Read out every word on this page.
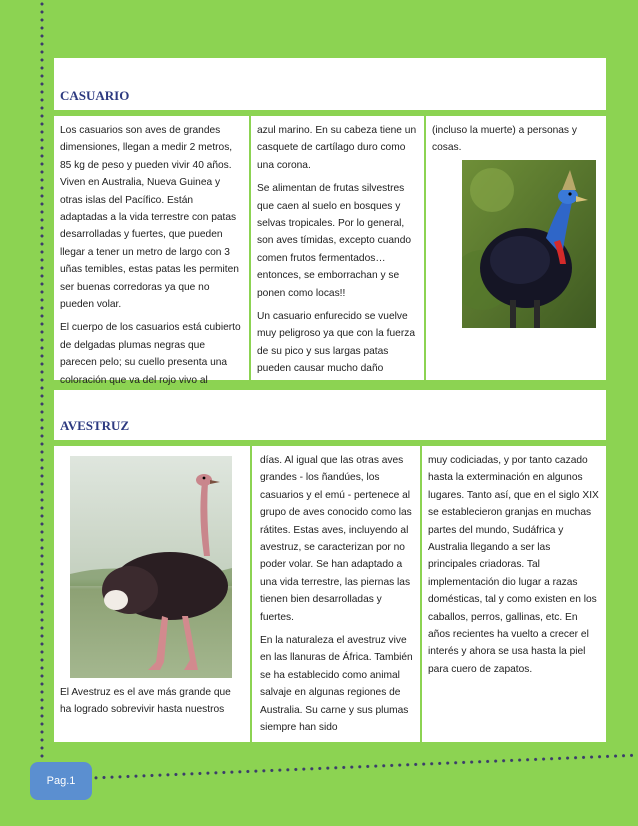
CASUARIO

Los casuarios son aves de grandes dimensiones, llegan a medir 2 metros, 85 kg de peso y pueden vivir 40 años. Viven en Australia, Nueva Guinea y otras islas del Pacífico. Están adaptadas a la vida terrestre con patas desarrolladas y fuertes, que pueden llegar a tener un metro de largo con 3 uñas temibles, estas patas les permiten ser buenas corredoras ya que no pueden volar.

El cuerpo de los casuarios está cubierto de delgadas plumas negras que parecen pelo; su cuello presenta una coloración que va del rojo vivo al

azul marino. En su cabeza tiene un casquete de cartílago duro como una corona.

Se alimentan de frutas silvestres que caen al suelo en bosques y selvas tropicales. Por lo general, son aves tímidas, excepto cuando comen frutos fermentados… entonces, se emborrachan y se ponen como locas!!

Un casuario enfurecido se vuelve muy peligroso ya que con la fuerza de su pico y sus largas patas pueden causar mucho daño

(incluso la muerte) a personas y cosas.

AVESTRUZ

El Avestruz es el ave más grande que ha logrado sobrevivir hasta nuestros

días. Al igual que las otras aves grandes - los ñandúes, los casuarios y el emú - pertenece al grupo de aves conocido como las rátites. Estas aves, incluyendo al avestruz, se caracterizan por no poder volar. Se han adaptado a una vida terrestre, las piernas las tienen bien desarrolladas y fuertes.

En la naturaleza el avestruz vive en las llanuras de África. También se ha establecido como animal salvaje en algunas regiones de Australia. Su carne y sus plumas siempre han sido

muy codiciadas, y por tanto cazado hasta la exterminación en algunos lugares. Tanto así, que en el siglo XIX se establecieron granjas en muchas partes del mundo, Sudáfrica y Australia llegando a ser las principales criadoras. Tal implementación dio lugar a razas domésticas, tal y como existen en los caballos, perros, gallinas, etc. En años recientes ha vuelto a crecer el interés y ahora se usa hasta la piel para cuero de zapatos.

Pag.1
